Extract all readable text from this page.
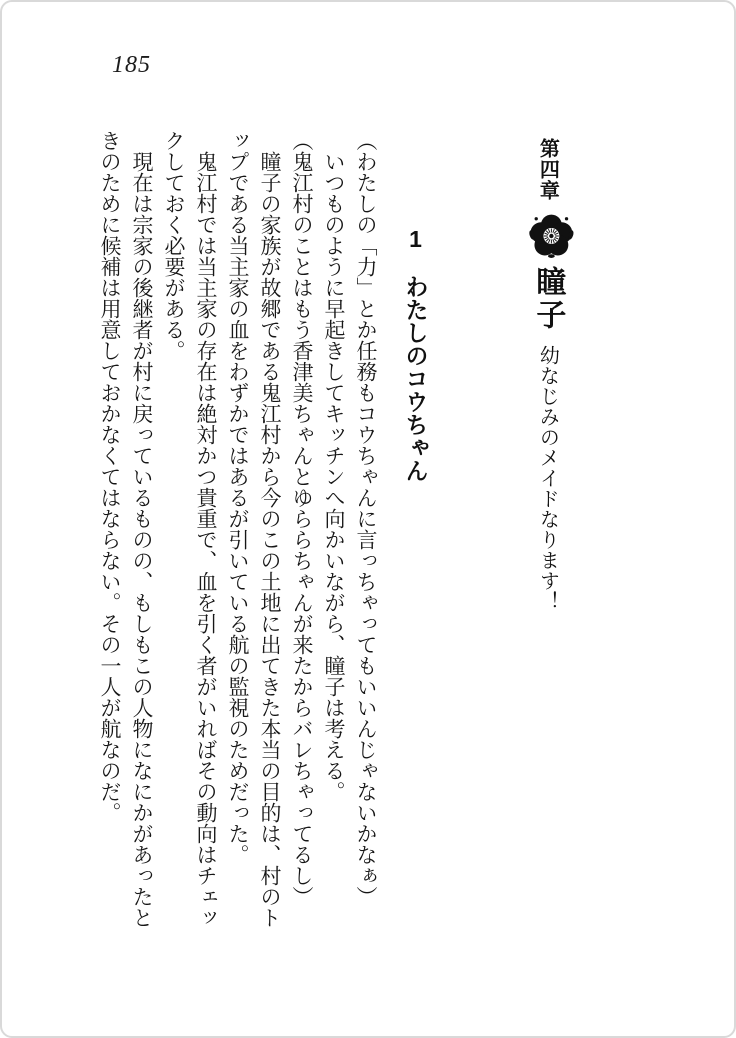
185
第四章瞳子幼なじみのメイドなります！
1　わたしのコウちゃん
（わたしの「力」とか任務もコウちゃんに言っちゃってもいいんじゃないかなぁ）
　いつものように早起きしてキッチンへ向かいながら、瞳子は考える。
（鬼江村のことはもう香津美ちゃんとゆららちゃんが来たからバレちゃってるし）
　瞳子の家族が故郷である鬼江村から今のこの土地に出てきた本当の目的は、村のト
ップである当主家の血をわずかではあるが引いている航の監視のためだった。
　鬼江村では当主家の存在は絶対かつ貴重で、血を引く者がいればその動向はチェッ
クしておく必要がある。
　現在は宗家の後継者が村に戻っているものの、もしもこの人物になにかがあったと
きのために候補は用意しておかなくてはならない。その一人が航なのだ。
